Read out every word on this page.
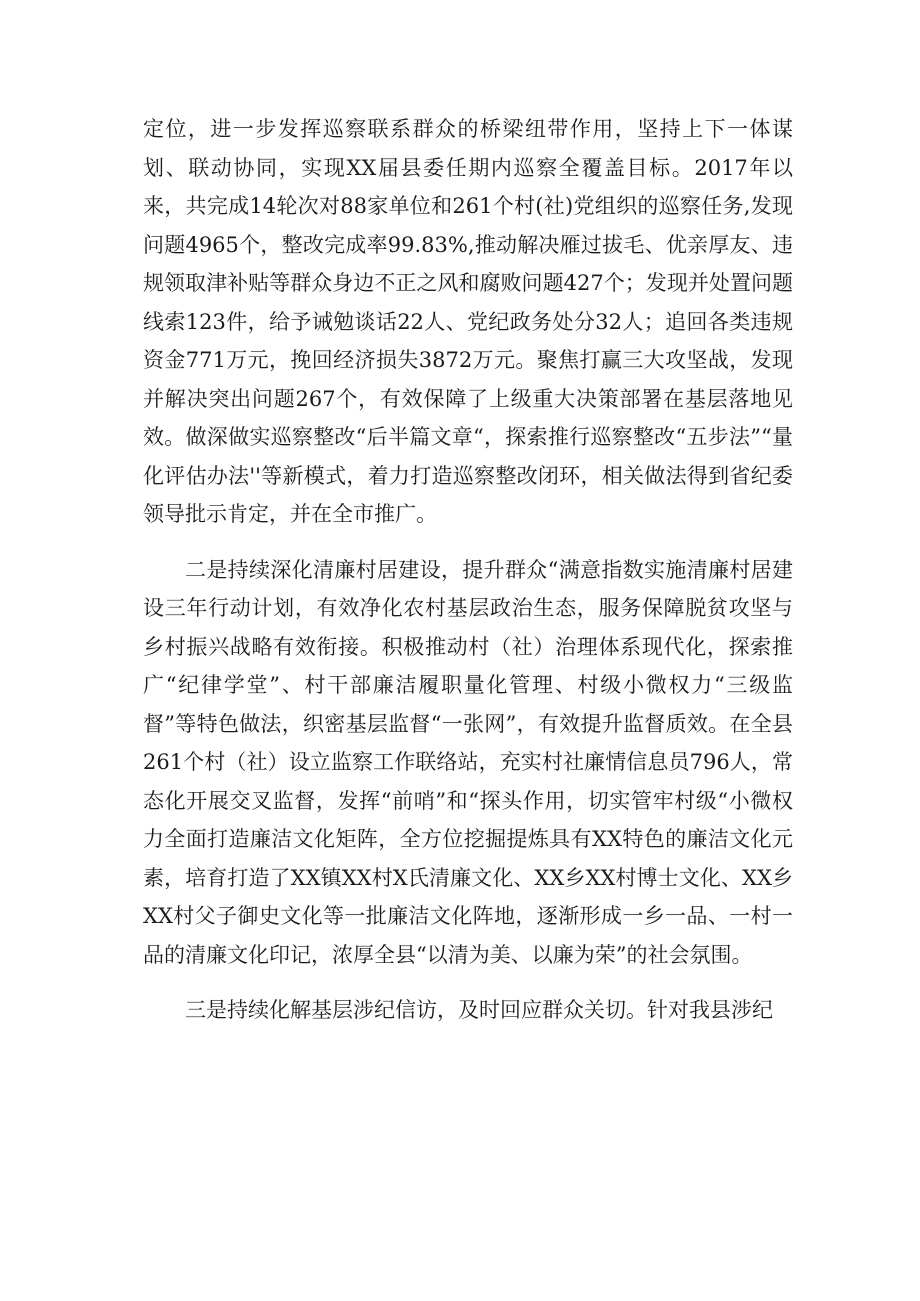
定位，进一步发挥巡察联系群众的桥梁纽带作用，坚持上下一体谋划、联动协同，实现XX届县委任期内巡察全覆盖目标。2017年以来，共完成14轮次对88家单位和261个村(社)党组织的巡察任务,发现问题4965个，整改完成率99.83%,推动解决雁过拔毛、优亲厚友、违规领取津补贴等群众身边不正之风和腐败问题427个；发现并处置问题线索123件，给予诫勉谈话22人、党纪政务处分32人；追回各类违规资金771万元，挽回经济损失3872万元。聚焦打赢三大攻坚战，发现并解决突出问题267个，有效保障了上级重大决策部署在基层落地见效。做深做实巡察整改“后半篇文章“，探索推行巡察整改“五步法”“量化评估办法''等新模式，着力打造巡察整改闭环，相关做法得到省纪委领导批示肯定，并在全市推广。

二是持续深化清廉村居建设，提升群众“满意指数实施清廉村居建设三年行动计划，有效净化农村基层政治生态，服务保障脱贫攻坚与乡村振兴战略有效衔接。积极推动村（社）治理体系现代化，探索推广“纪律学堂”、村干部廉洁履职量化管理、村级小微权力“三级监督”等特色做法，织密基层监督“一张网”，有效提升监督质效。在全县261个村（社）设立监察工作联络站，充实村社廉情信息员796人，常态化开展交叉监督，发挥“前哨”和“探头作用，切实管牢村级“小微权力全面打造廉洁文化矩阵，全方位挖掘提炼具有XX特色的廉洁文化元素，培育打造了XX镇XX村X氏清廉文化、XX乡XX村博士文化、XX乡XX村父子御史文化等一批廉洁文化阵地，逐渐形成一乡一品、一村一品的清廉文化印记，浓厚全县“以清为美、以廉为荣”的社会氛围。

三是持续化解基层涉纪信访，及时回应群众关切。针对我县涉纪
